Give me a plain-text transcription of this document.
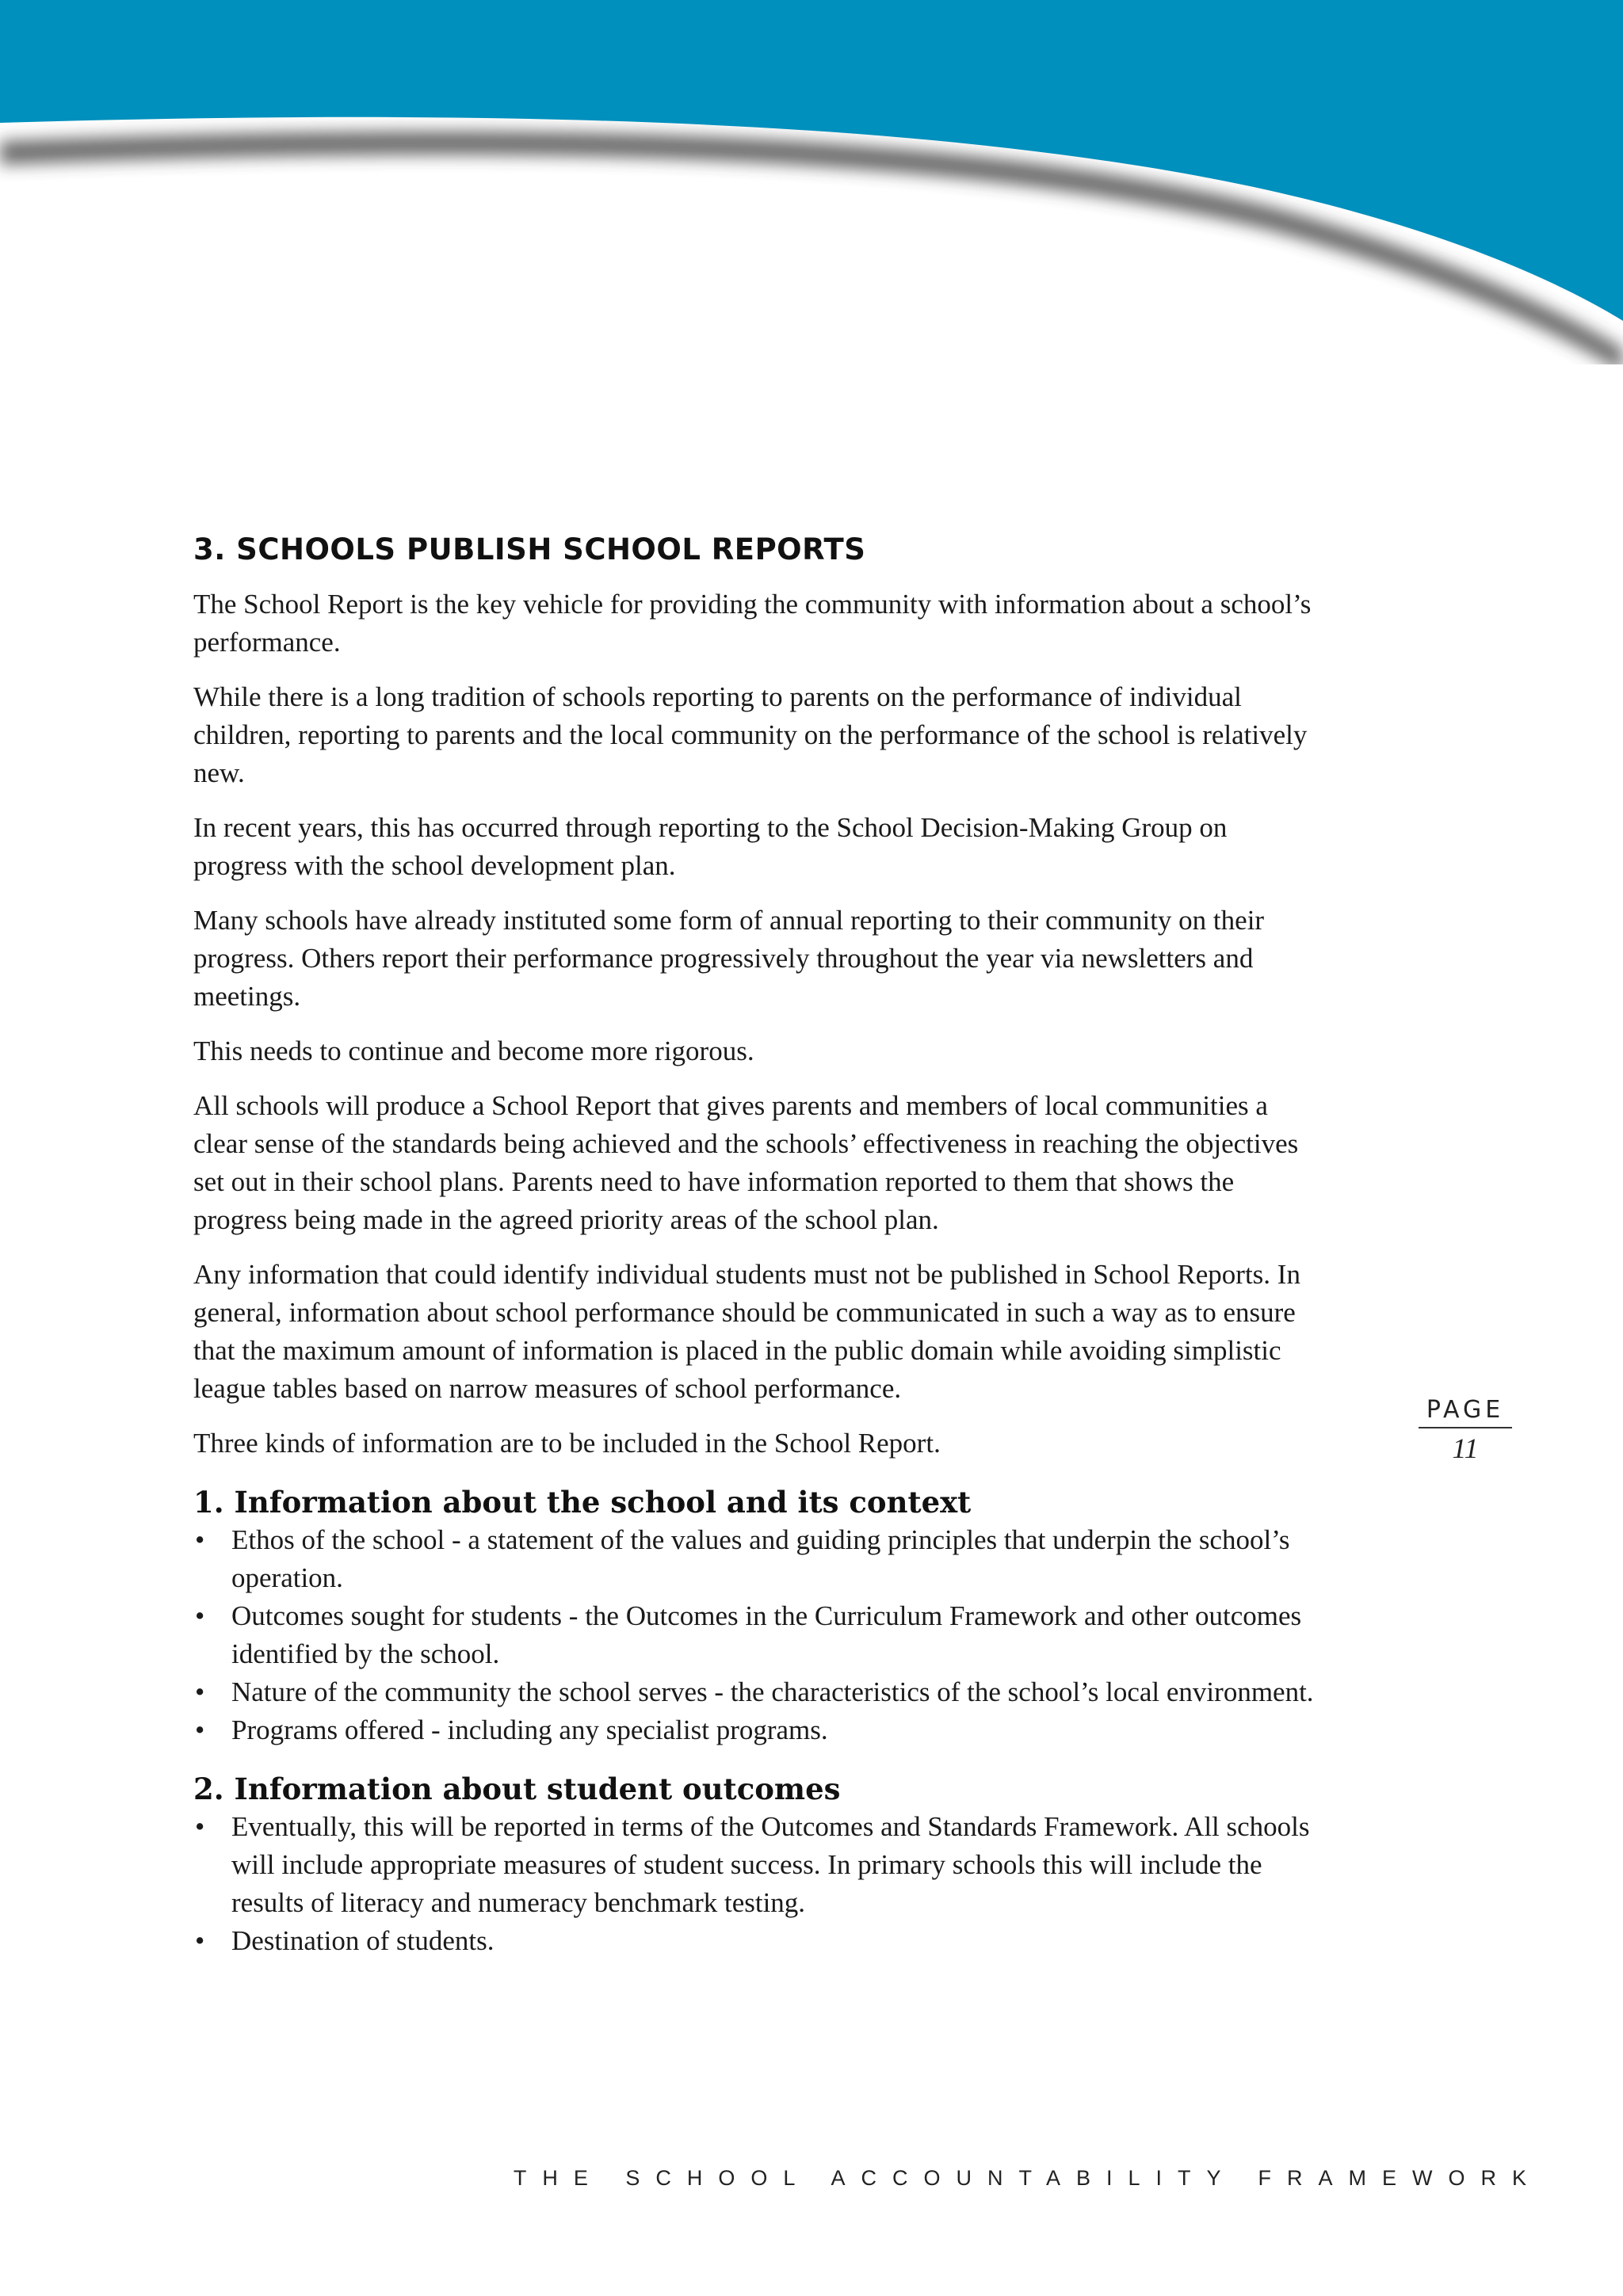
3. SCHOOLS PUBLISH SCHOOL REPORTS

The School Report is the key vehicle for providing the community with information about a school’s performance.

While there is a long tradition of schools reporting to parents on the performance of individual children, reporting to parents and the local community on the performance of the school is relatively new.

In recent years, this has occurred through reporting to the School Decision-Making Group on progress with the school development plan.

Many schools have already instituted some form of annual reporting to their community on their progress. Others report their performance progressively throughout the year via newsletters and meetings.

This needs to continue and become more rigorous.

All schools will produce a School Report that gives parents and members of local communities a clear sense of the standards being achieved and the schools’ effectiveness in reaching the objectives set out in their school plans. Parents need to have information reported to them that shows the progress being made in the agreed priority areas of the school plan.

Any information that could identify individual students must not be published in School Reports. In general, information about school performance should be communicated in such a way as to ensure that the maximum amount of information is placed in the public domain while avoiding simplistic league tables based on narrow measures of school performance.

Three kinds of information are to be included in the School Report.

1. Information about the school and its context
• Ethos of the school - a statement of the values and guiding principles that underpin the school’s operation.
• Outcomes sought for students - the Outcomes in the Curriculum Framework and other outcomes identified by the school.
• Nature of the community the school serves - the characteristics of the school’s local environment.
• Programs offered - including any specialist programs.
2. Information about student outcomes
• Eventually, this will be reported in terms of the Outcomes and Standards Framework. All schools will include appropriate measures of student success. In primary schools this will include the results of literacy and numeracy benchmark testing.
• Destination of students.
PAGE
11
THE SCHOOL ACCOUNTABILITY FRAMEWORK
